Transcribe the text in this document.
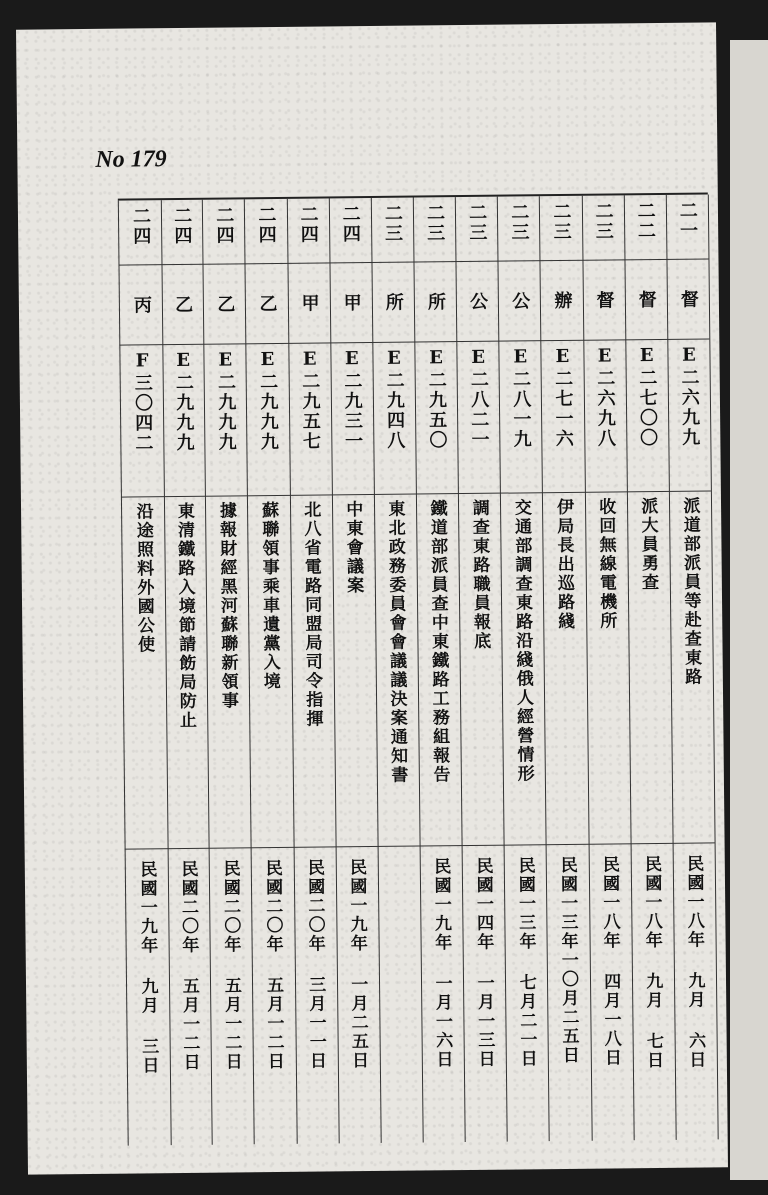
No 179
二一
督
E二六九九
派道部派員等赴查東路
民國一八年 九月 六日
二二
督
E二七〇〇
派大員勇查
民國一八年 九月 七日
二三
督
E二六九八
收回無線電機所
民國一八年 四月一八日
二三
辦
E二七一六
伊局長出巡路綫
民國一三年一〇月二五日
二三
公
E二八一九
交通部調查東路沿綫俄人經營情形
民國一三年 七月二一日
二三
公
E二八二一
調查東路職員報底
民國一四年 一月一三日
二三
所
E二九五〇
鐵道部派員查中東鐵路工務組報告
民國一九年 一月一六日
二三
所
E二九四八
東北政務委員會會議議決案通知書
二四
甲
E二九三一
中東會議案
民國一九年 一月二五日
二四
甲
E二九五七
北八省電路同盟局司令指揮
民國二〇年 三月一一日
二四
乙
E二九九九
蘇聯領事乘車遺黨入境
民國二〇年 五月一二日
二四
乙
E二九九九
據報財經黑河蘇聯新領事
民國二〇年 五月一二日
二四
乙
E二九九九
東清鐵路入境節請飭局防止
民國二〇年 五月一二日
二四
丙
F三〇四二
沿途照料外國公使
民國一九年 九月 三日
